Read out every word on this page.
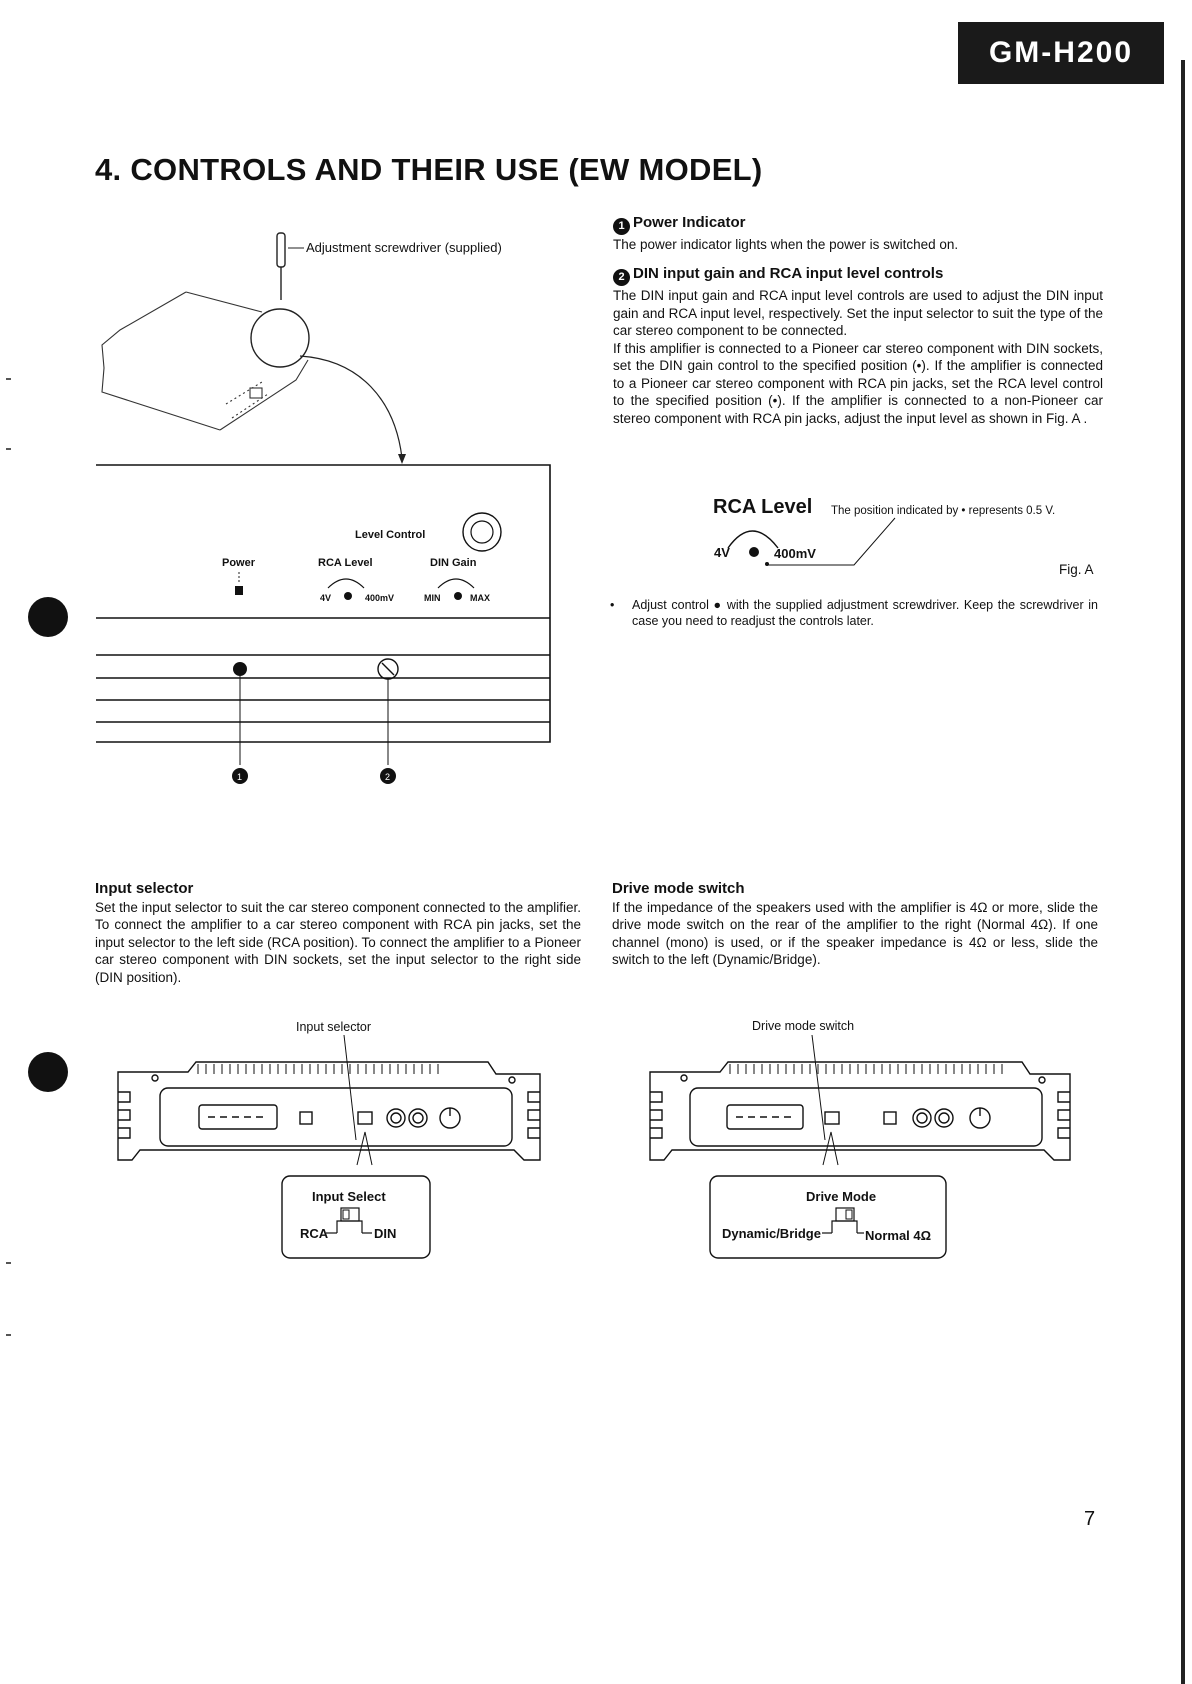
GM-H200
4. CONTROLS AND THEIR USE (EW MODEL)
Adjustment screwdriver (supplied)
Level Control
Power	RCA Level
4V	400mV
DIN Gain
MIN	MAX
1	2
RCA Level The position indicated by • represents 0.5 V.
4V	400mV
Fig. A
Input selector
Input Select
RCA	DIN
Drive mode switch
Drive Mode
Dynamic/Bridge	Normal 4Ω
1 Power Indicator

The power indicator lights when the power is switched on.

2 DIN input gain and RCA input level controls

The DIN input gain and RCA input level controls are used to adjust the DIN input gain and RCA input level, respectively. Set the input selector to suit the type of the car stereo component to be connected.

If this amplifier is connected to a Pioneer car stereo component with DIN sockets, set the DIN gain control to the specified position (•). If the amplifier is connected to a Pioneer car stereo component with RCA pin jacks, set the RCA level control to the specified position (•). If the amplifier is connected to a non-Pioneer car stereo component with RCA pin jacks, adjust the input level as shown in Fig. A .

•	Adjust control ● with the supplied adjustment screwdriver. Keep the screwdriver in case you need to readjust the controls later.
Input selector

Set the input selector to suit the car stereo component connected to the amplifier. To connect the amplifier to a car stereo component with RCA pin jacks, set the input selector to the left side (RCA position). To connect the amplifier to a Pioneer car stereo component with DIN sockets, set the input selector to the right side (DIN position).

Drive mode switch

If the impedance of the speakers used with the amplifier is 4Ω or more, slide the drive mode switch on the rear of the amplifier to the right (Normal 4Ω). If one channel (mono) is used, or if the speaker impedance is 4Ω or less, slide the switch to the left (Dynamic/Bridge).

7
